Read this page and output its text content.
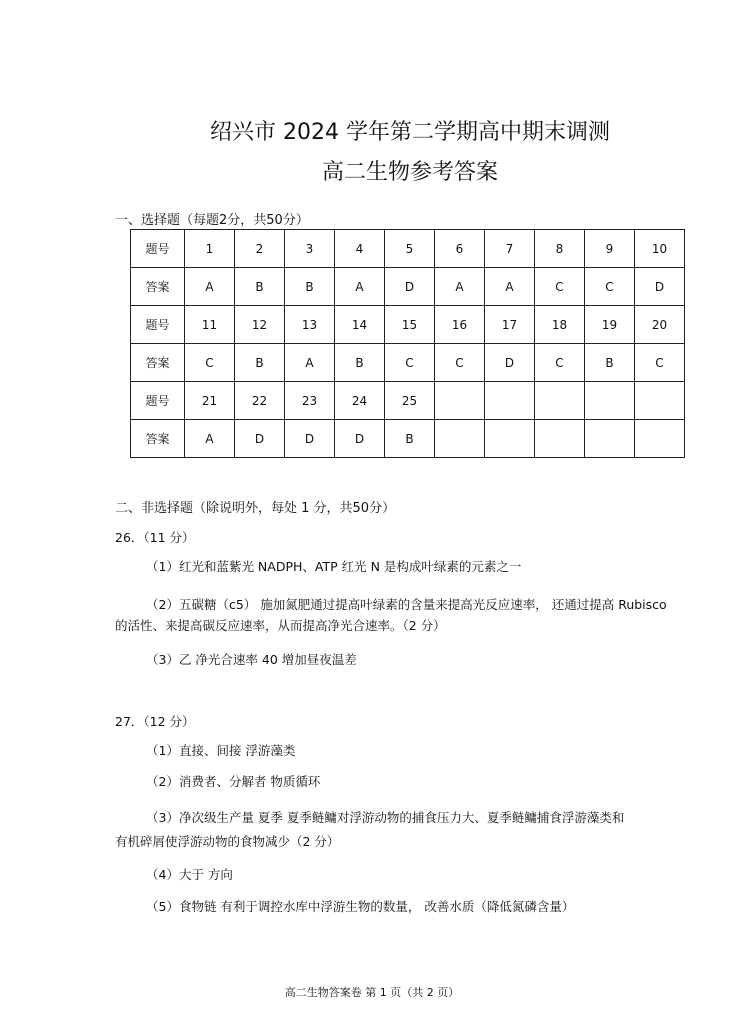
绍兴市 2024 学年第二学期高中期末调测
高二生物参考答案
一、选择题（每题2分，共50分）
题号	1	2	3	4	5	6	7	8	9	10
答案	A	B	B	A	D	A	A	C	C	D
题号	11	12	13	14	15	16	17	18	19	20
答案	C	B	A	B	C	C	D	C	B	C
题号	21	22	23	24	25					
答案	A	D	D	D	B					
二、非选择题（除说明外，每处 1 分，共50分）
26．（11 分）
（1）红光和蓝紫光 NADPH、ATP 红光 N 是构成叶绿素的元素之一
（2）五碳糖（c5） 施加氮肥通过提高叶绿素的含量来提高光反应速率， 还通过提高 Rubisco
的活性、来提高碳反应速率，从而提高净光合速率。（2 分）
（3）乙 净光合速率 40 增加昼夜温差
27．（12 分）
（1）直接、间接 浮游藻类
（2）消费者、分解者 物质循环
（3）净次级生产量 夏季 夏季鲢鳙对浮游动物的捕食压力大、夏季鲢鳙捕食浮游藻类和
有机碎屑使浮游动物的食物减少（2 分）
（4）大于 方向
（5）食物链 有利于调控水库中浮游生物的数量， 改善水质（降低氮磷含量）
高二生物答案卷 第 1 页（共 2 页）
